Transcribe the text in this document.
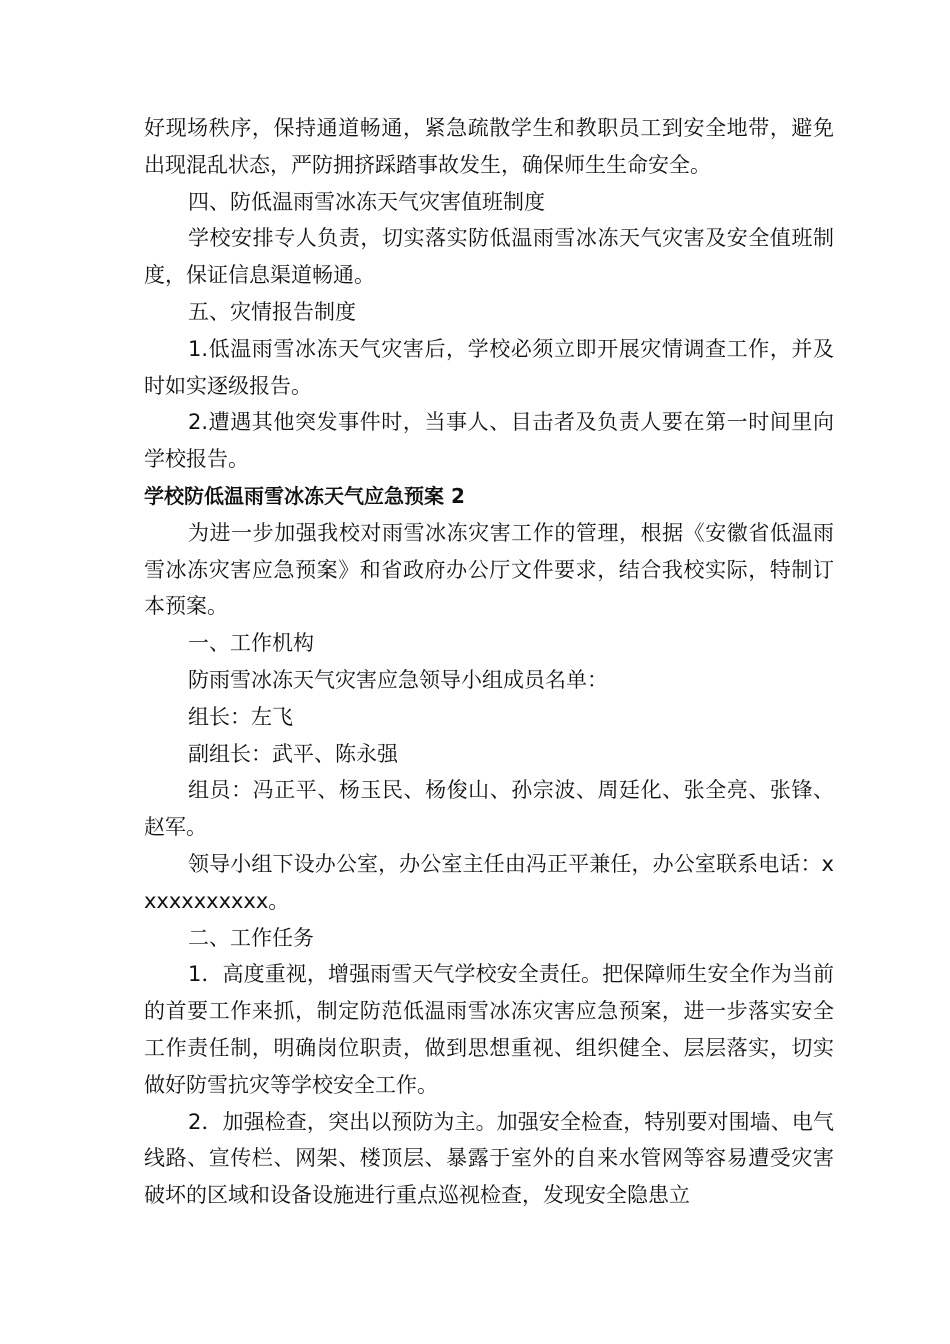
好现场秩序，保持通道畅通，紧急疏散学生和教职员工到安全地带，避免出现混乱状态，严防拥挤踩踏事故发生，确保师生生命安全。

四、防低温雨雪冰冻天气灾害值班制度

学校安排专人负责，切实落实防低温雨雪冰冻天气灾害及安全值班制度，保证信息渠道畅通。

五、灾情报告制度

1.低温雨雪冰冻天气灾害后，学校必须立即开展灾情调查工作，并及时如实逐级报告。

2.遭遇其他突发事件时，当事人、目击者及负责人要在第一时间里向学校报告。

学校防低温雨雪冰冻天气应急预案 2

为进一步加强我校对雨雪冰冻灾害工作的管理，根据《安徽省低温雨雪冰冻灾害应急预案》和省政府办公厅文件要求，结合我校实际，特制订本预案。

一、工作机构

防雨雪冰冻天气灾害应急领导小组成员名单：

组长：左飞

副组长：武平、陈永强

组员：冯正平、杨玉民、杨俊山、孙宗波、周廷化、张全亮、张锋、赵军。

领导小组下设办公室，办公室主任由冯正平兼任，办公室联系电话：xxxxxxxxxxx。

二、工作任务

1．高度重视，增强雨雪天气学校安全责任。把保障师生安全作为当前的首要工作来抓，制定防范低温雨雪冰冻灾害应急预案，进一步落实安全工作责任制，明确岗位职责，做到思想重视、组织健全、层层落实，切实做好防雪抗灾等学校安全工作。

2．加强检查，突出以预防为主。加强安全检查，特别要对围墙、电气线路、宣传栏、网架、楼顶层、暴露于室外的自来水管网等容易遭受灾害破坏的区域和设备设施进行重点巡视检查，发现安全隐患立
